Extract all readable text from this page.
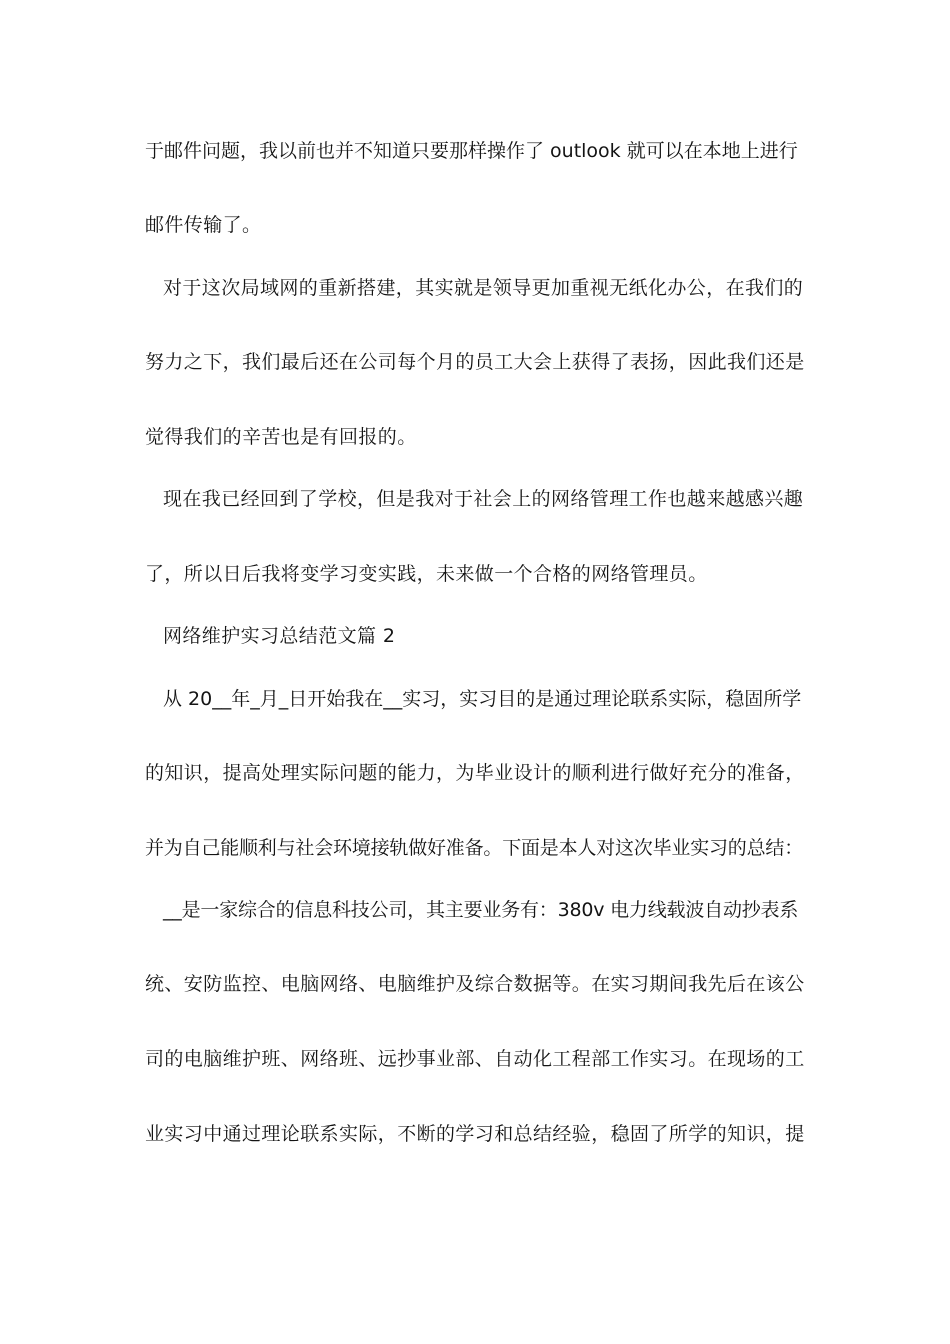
于邮件问题，我以前也并不知道只要那样操作了 outlook 就可以在本地上进行
邮件传输了。
对于这次局域网的重新搭建，其实就是领导更加重视无纸化办公，在我们的
努力之下，我们最后还在公司每个月的员工大会上获得了表扬，因此我们还是
觉得我们的辛苦也是有回报的。
现在我已经回到了学校，但是我对于社会上的网络管理工作也越来越感兴趣
了，所以日后我将变学习变实践，未来做一个合格的网络管理员。
网络维护实习总结范文篇 2
从 20__年_月_日开始我在__实习，实习目的是通过理论联系实际，稳固所学
的知识，提高处理实际问题的能力，为毕业设计的顺利进行做好充分的准备，
并为自己能顺利与社会环境接轨做好准备。下面是本人对这次毕业实习的总结：
__是一家综合的信息科技公司，其主要业务有：380v 电力线载波自动抄表系
统、安防监控、电脑网络、电脑维护及综合数据等。在实习期间我先后在该公
司的电脑维护班、网络班、远抄事业部、自动化工程部工作实习。在现场的工
业实习中通过理论联系实际，不断的学习和总结经验，稳固了所学的知识，提
